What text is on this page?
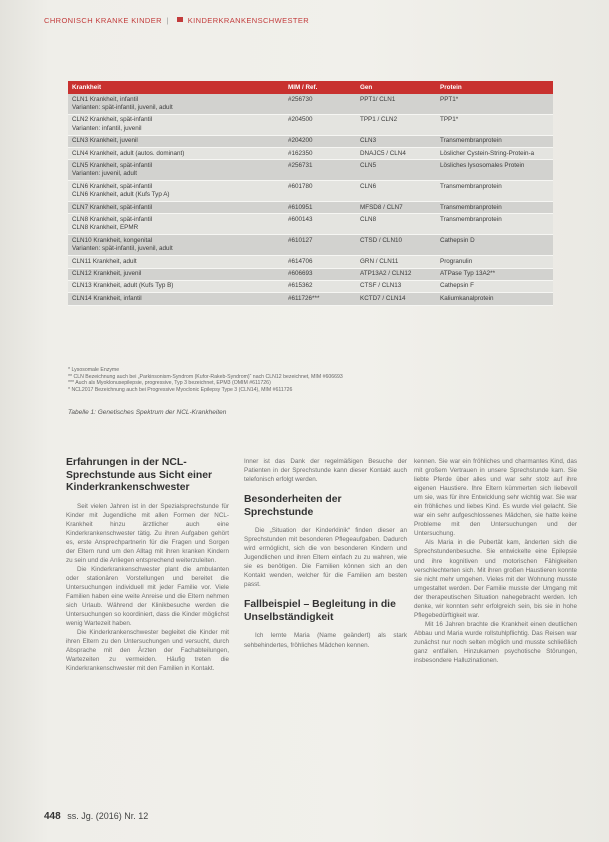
CHRONISCH KRANKE KINDER |	KINDERKRANKENSCHWESTER
Krankheit	MIM / Ref.	Gen	Protein
CLN1 Krankheit, infantil
Varianten: spät-infantil, juvenil, adult	#256730	PPT1/ CLN1	PPT1*
CLN2 Krankheit, spät-infantil
Varianten: infantil, juvenil	#204500	TPP1 / CLN2	TPP1*
CLN3 Krankheit, juvenil	#204200	CLN3	Transmembranprotein
CLN4 Krankheit, adult (autos. dominant)	#162350	DNAJC5 / CLN4	Löslicher Cystein-String-Protein-a
CLN5 Krankheit, spät-infantil
Varianten: juvenil, adult	#256731	CLN5	Lösliches lysosomales Protein
CLN6 Krankheit, spät-infantil
CLN6 Krankheit, adult (Kufs Typ A)	#601780	CLN6	Transmembranprotein
CLN7 Krankheit, spät-infantil	#610951	MFSD8 / CLN7	Transmembranprotein
CLN8 Krankheit, spät-infantil
CLN8 Krankheit, EPMR	#600143	CLN8	Transmembranprotein
CLN10 Krankheit, kongenital
Varianten: spät-infantil, juvenil, adult	#610127	CTSD / CLN10	Cathepsin D
CLN11 Krankheit, adult	#614706	GRN / CLN11	Progranulin
CLN12 Krankheit, juvenil	#606693	ATP13A2 / CLN12	ATPase Typ 13A2**
CLN13 Krankheit, adult (Kufs Typ B)	#615362	CTSF / CLN13	Cathepsin F
CLN14 Krankheit, infantil	#611726***	KCTD7 / CLN14	Kaliumkanalprotein
* Lysosomale Enzyme
** CLN Bezeichnung auch bei „Parkinsonism-Syndrom (Kufor-Rakeb-Syndrom)“ nach CLN12 bezeichnet, MIM #606693
*** Auch als Myoklonusepilepsie, progressive, Typ 3 bezeichnet, EPM3 (OMIM #611726)
* NCL2017 Bezeichnung auch bei Progressive Myoclonic Epilepsy Type 3 (CLN14), MIM #611726
Tabelle 1: Genetisches Spektrum der NCL-Krankheiten
Erfahrungen in der NCL-Sprechstunde aus Sicht einer Kinderkrankenschwester

Seit vielen Jahren ist in der Spezialsprechstunde für Kinder mit Jugendliche mit allen Formen der NCL-Krankheit hinzu ärztlicher auch eine Kinderkrankenschwester tätig. Zu ihren Aufgaben gehört es, erste Ansprechpartnerin für die Fragen und Sorgen der Eltern rund um den Alltag mit ihren kranken Kindern zu sein und die Anliegen entsprechend weiterzuleiten.

Die Kinderkrankenschwester plant die ambulanten oder stationären Vorstellungen und bereitet die Untersuchungen individuell mit jeder Familie vor. Viele Familien haben eine weite Anreise und die Eltern nehmen sich Urlaub. Während der Klinikbesuche werden die Untersuchungen so koordiniert, dass die Kinder möglichst wenig Wartezeit haben.

Die Kinderkrankenschwester begleitet die Kinder mit ihren Eltern zu den Untersuchungen und versucht, durch Absprache mit den Ärzten der Fachabteilungen, Wartezeiten zu vermeiden. Häufig treten die Kinderkrankenschwester mit den Familien in Kontakt.

Inner ist das Dank der regelmäßigen Besuche der Patienten in der Sprechstunde kann dieser Kontakt auch telefonisch erfolgt werden.

Besonderheiten der Sprechstunde

Die „Situation der Kinderklinik“ finden dieser an Sprechstunden mit besonderen Pflegeaufgaben. Dadurch wird ermöglicht, sich die von besonderen Kindern und Jugendlichen und ihren Eltern einfach zu zu wahren, wie sie es benötigen. Die Familien können sich an den Kontakt wenden, welcher für die Familien am besten passt.

Fallbeispiel – Begleitung in die Unselbständigkeit

Ich lernte Maria (Name geändert) als stark sehbehindertes, fröhliches Mädchen kennen.

kennen. Sie war ein fröhliches und charmantes Kind, das mit großem Vertrauen in unsere Sprechstunde kam. Sie liebte Pferde über alles und war sehr stolz auf ihre eigenen Haustiere. Ihre Eltern kümmerten sich liebevoll um sie, was für ihre Entwicklung sehr wichtig war. Sie war ein fröhliches und liebes Kind. Es wurde viel gelacht. Sie war ein sehr aufgeschlossenes Mädchen, sie hatte keine Probleme mit den Untersuchungen und der Untersuchung.

Als Maria in die Pubertät kam, änderten sich die Sprechstundenbesuche. Sie entwickelte eine Epilepsie und ihre kognitiven und motorischen Fähigkeiten verschlechterten sich. Mit ihren großen Haustieren konnte sie nicht mehr umgehen. Vieles mit der Wohnung musste umgestaltet werden. Der Familie musste der Umgang mit der therapeutischen Situation nahegebracht werden. Ich denke, wir konnten sehr erfolgreich sein, bis sie in hohe Pflegebedürftigkeit war.

Mit 16 Jahren brachte die Krankheit einen deutlichen Abbau und Maria wurde rollstuhlpflichtig. Das Reisen war zunächst nur noch selten möglich und musste schließlich ganz entfallen. Hinzukamen psychotische Störungen, insbesondere Halluzinationen.

448 ss. Jg. (2016) Nr. 12
